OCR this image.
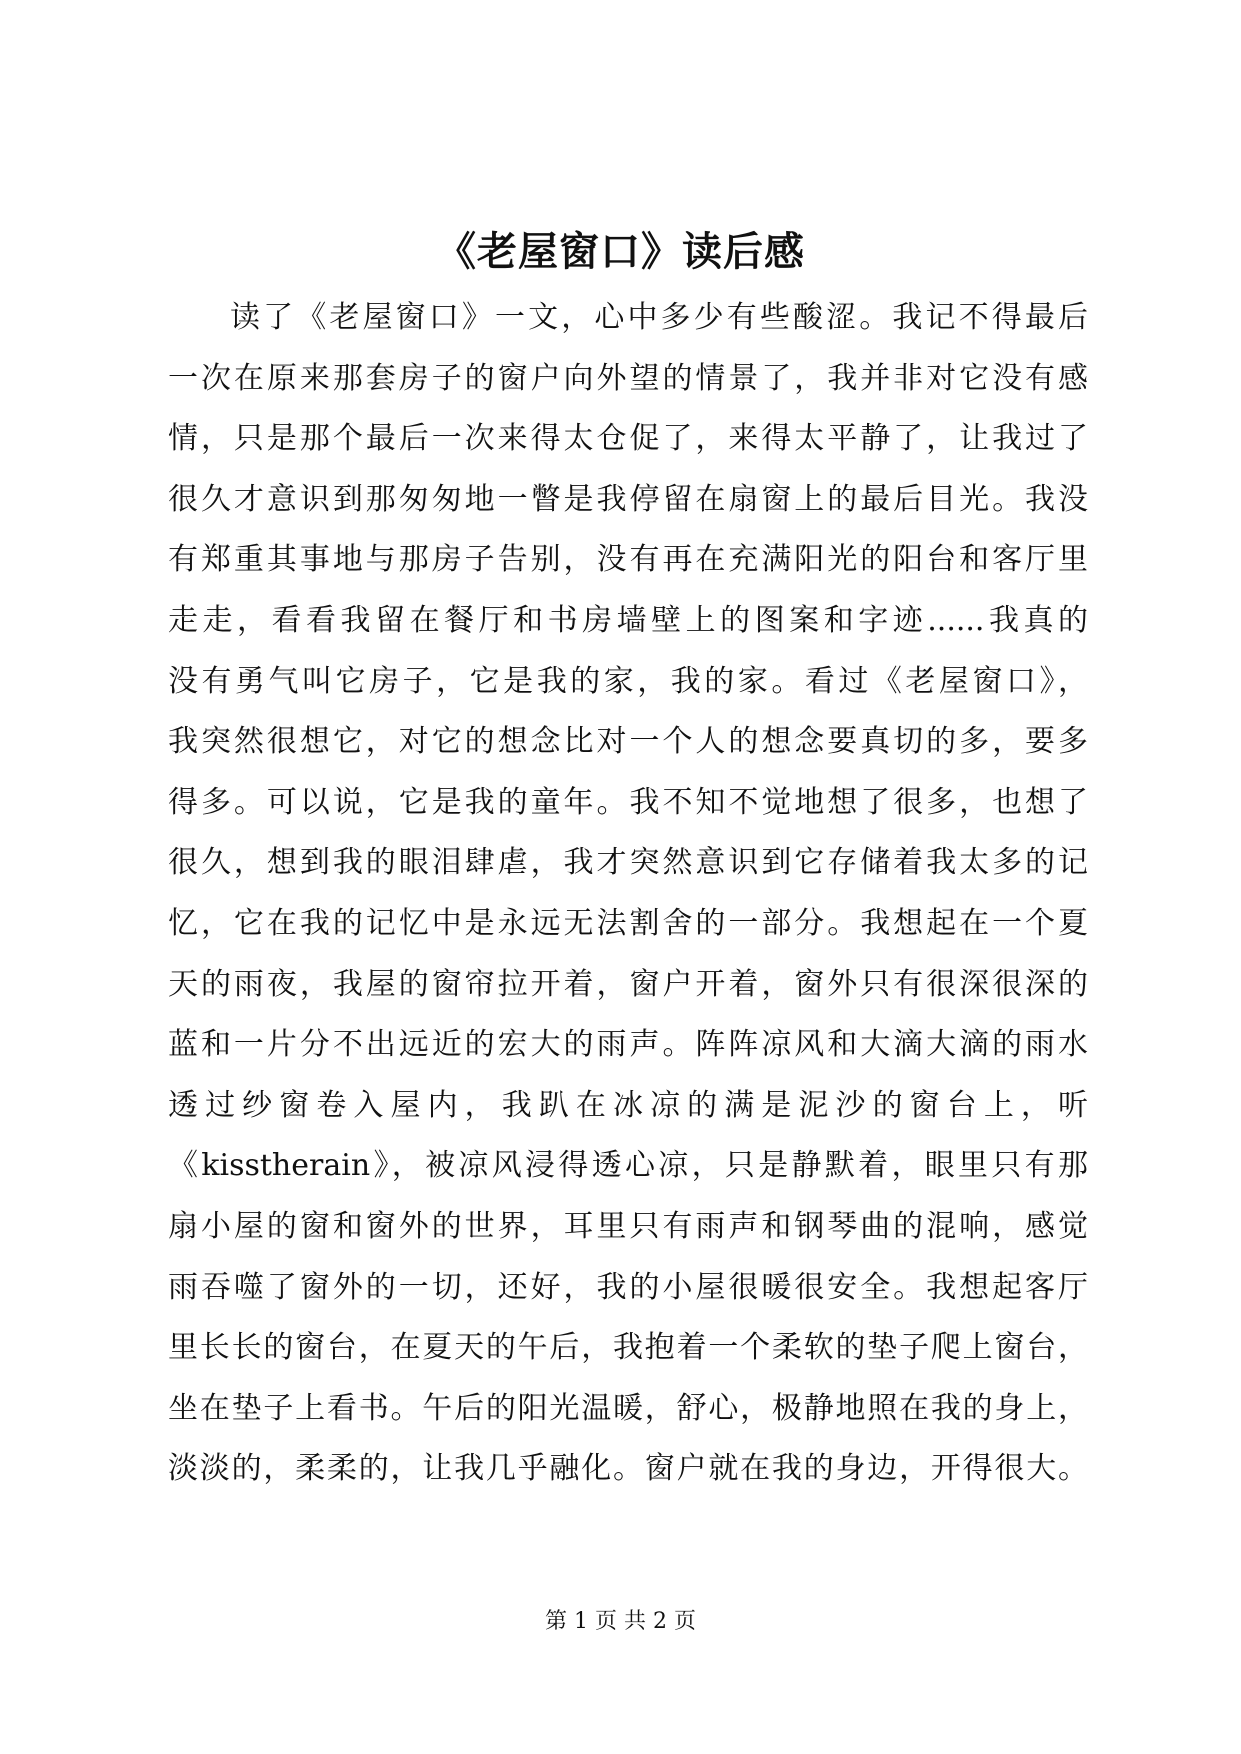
《老屋窗口》读后感
读了《老屋窗口》一文，心中多少有些酸涩。我记不得最后
一次在原来那套房子的窗户向外望的情景了，我并非对它没有感
情，只是那个最后一次来得太仓促了，来得太平静了，让我过了
很久才意识到那匆匆地一瞥是我停留在扇窗上的最后目光。我没
有郑重其事地与那房子告别，没有再在充满阳光的阳台和客厅里
走走，看看我留在餐厅和书房墙壁上的图案和字迹......我真的
没有勇气叫它房子，它是我的家，我的家。看过《老屋窗口》，
我突然很想它，对它的想念比对一个人的想念要真切的多，要多
得多。可以说，它是我的童年。我不知不觉地想了很多，也想了
很久，想到我的眼泪肆虐，我才突然意识到它存储着我太多的记
忆，它在我的记忆中是永远无法割舍的一部分。我想起在一个夏
天的雨夜，我屋的窗帘拉开着，窗户开着，窗外只有很深很深的
蓝和一片分不出远近的宏大的雨声。阵阵凉风和大滴大滴的雨水
透过纱窗卷入屋内，我趴在冰凉的满是泥沙的窗台上，听
《kisstherain》，被凉风浸得透心凉，只是静默着，眼里只有那
扇小屋的窗和窗外的世界，耳里只有雨声和钢琴曲的混响，感觉
雨吞噬了窗外的一切，还好，我的小屋很暖很安全。我想起客厅
里长长的窗台，在夏天的午后，我抱着一个柔软的垫子爬上窗台，
坐在垫子上看书。午后的阳光温暖，舒心，极静地照在我的身上，
淡淡的，柔柔的，让我几乎融化。窗户就在我的身边，开得很大。
第 1 页 共 2 页
